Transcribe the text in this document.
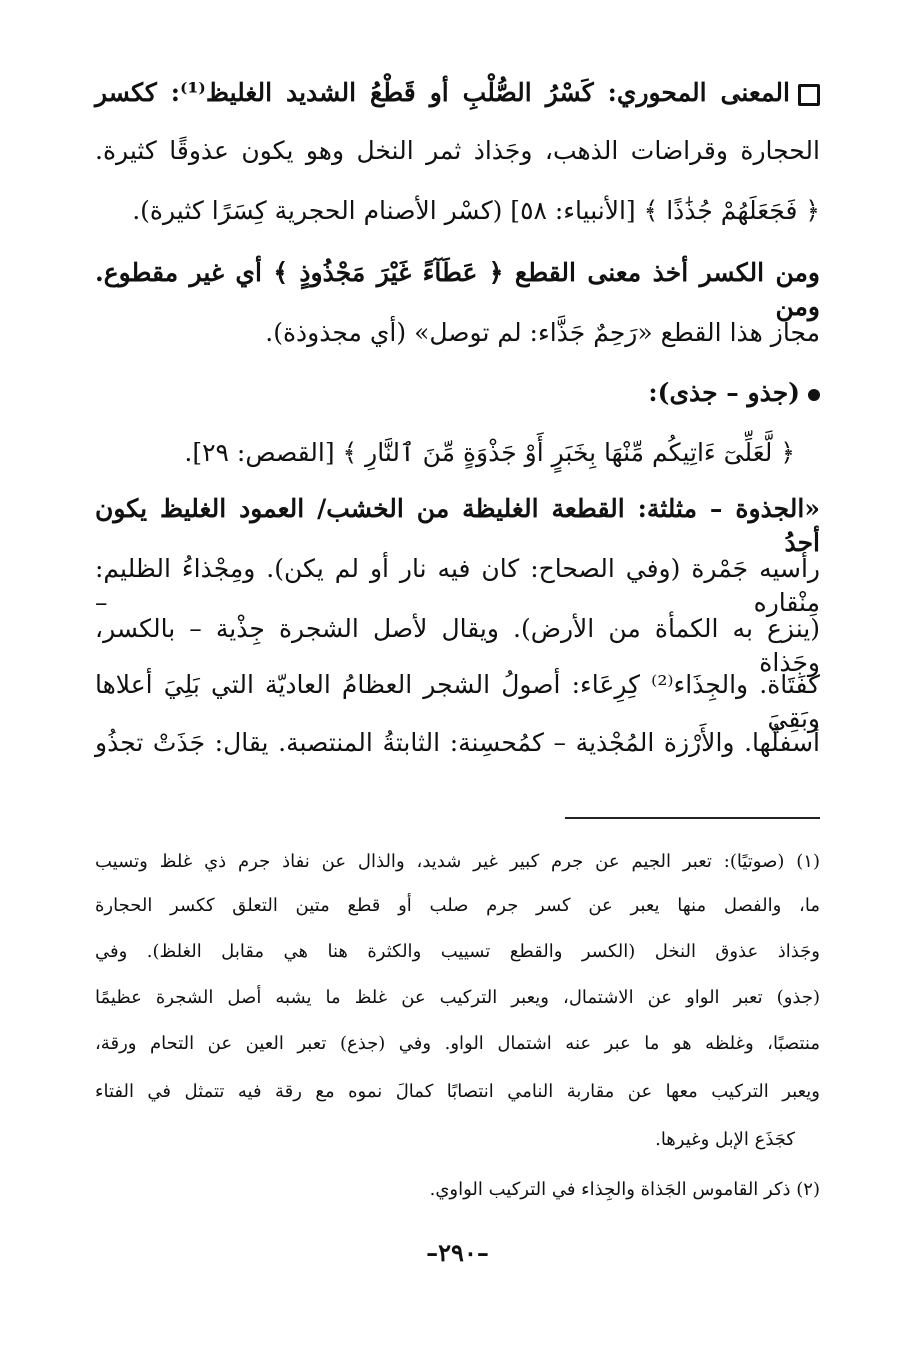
المعنى المحوري: كَسْرُ الصُّلْبِ أو قَطْعُ الشديد الغليظ⁽¹⁾: ككسر
الحجارة وقراضات الذهب، وجَذاذ ثمر النخل وهو يكون عذوقًا كثيرة.
﴿ فَجَعَلَهُمْ جُذَٰذًا ﴾ [الأنبياء: ٥٨] (كسْر الأصنام الحجرية كِسَرًا كثيرة).
ومن الكسر أخذ معنى القطع ﴿ عَطَآءً غَيْرَ مَجْذُوذٍ ﴾ أي غير مقطوع. ومن
مجاز هذا القطع «رَحِمٌ جَذَّاء: لم توصل» (أي مجذوذة).
(جذو – جذى):
﴿ لَّعَلِّىٓ ءَاتِيكُم مِّنْهَا بِخَبَرٍ أَوْ جَذْوَةٍ مِّنَ ٱلنَّارِ ﴾ [القصص: ٢٩].
«الجذوة – مثلثة: القطعة الغليظة من الخشب/ العمود الغليظ يكون أحدُ
رأسيه جَمْرة (وفي الصحاح: كان فيه نار أو لم يكن). ومِجْذاءُ الظليم: مِنْقاره –
(ينزع به الكمأة من الأرض). ويقال لأصل الشجرة جِذْية – بالكسر، وجَذاة
كفَتَاة. والجِذَاء⁽²⁾ كِرِعَاء: أصولُ الشجر العظامُ العاديّة التي بَلِيَ أعلاها وبَقِيَ
أسفلُها. والأَرْزة المُجْذية – كمُحسِنة: الثابتةُ المنتصبة. يقال: جَذَتْ تجذُو
(١) (صوتيًا): تعبر الجيم عن جرم كبير غير شديد، والذال عن نفاذ جرم ذي غلظ وتسيب
ما، والفصل منها يعبر عن كسر جرم صلب أو قطع متين التعلق ككسر الحجارة
وجَذاذ عذوق النخل (الكسر والقطع تسييب والكثرة هنا هي مقابل الغلظ). وفي
(جذو) تعبر الواو عن الاشتمال، ويعبر التركيب عن غلظ ما يشبه أصل الشجرة عظيمًا
منتصبًا، وغلظه هو ما عبر عنه اشتمال الواو. وفي (جذع) تعبر العين عن التحام ورقة،
ويعبر التركيب معها عن مقاربة النامي انتصابًا كمالَ نموه مع رقة فيه تتمثل في الفتاء
كجَذَع الإبل وغيرها.
(٢) ذكر القاموس الجَذاة والجِذاء في التركيب الواوي.
–٢٩٠–
